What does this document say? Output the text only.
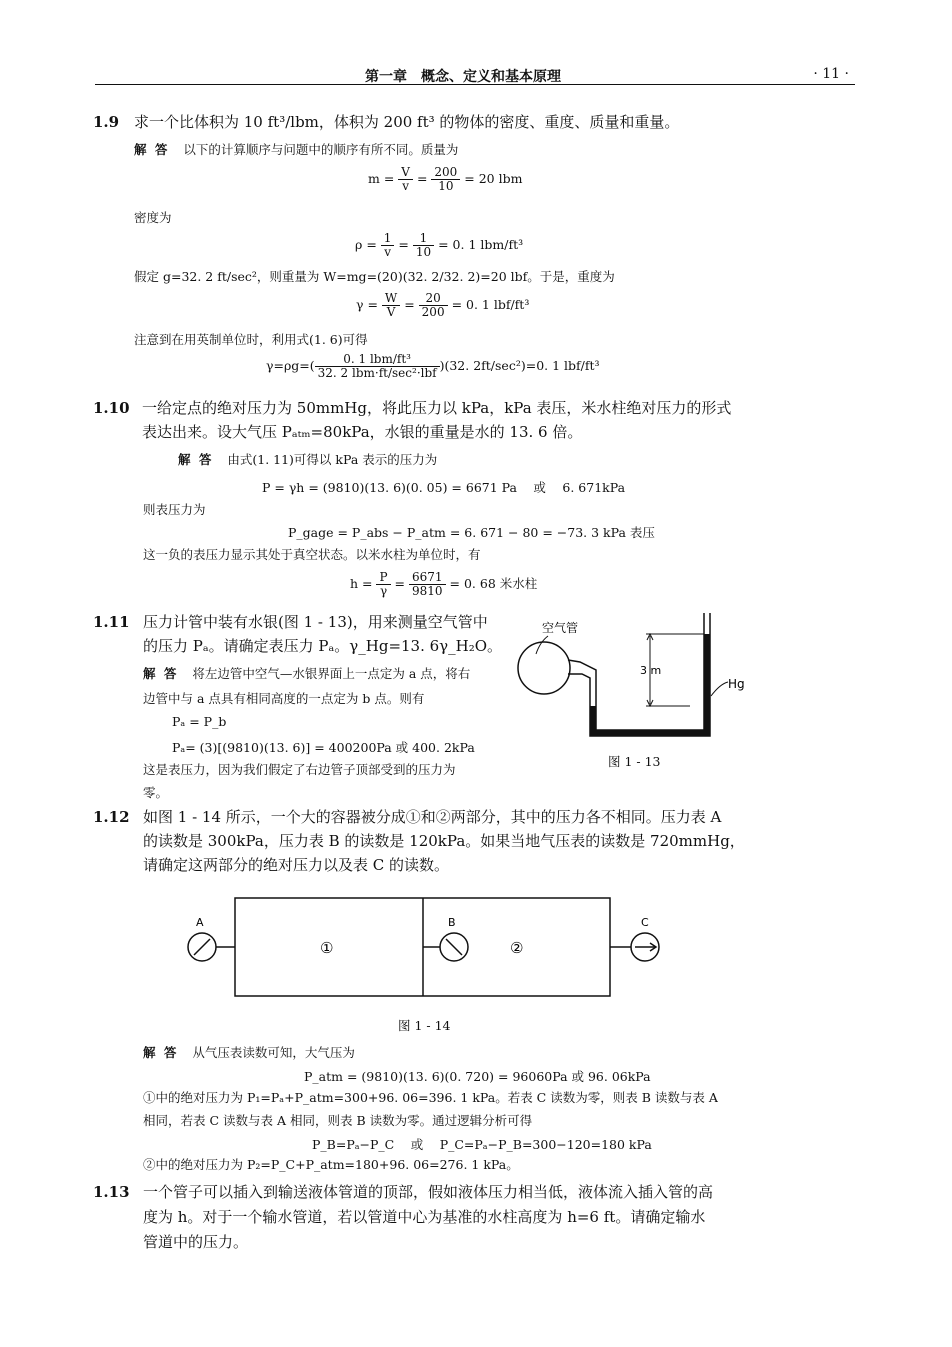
第一章　概念、定义和基本原理	· 11 ·
1.9 求一个比体积为 10 ft³/lbm，体积为 200 ft³ 的物体的密度、重度、质量和重量。
解 答 以下的计算顺序与问题中的顺序有所不同。质量为
$m = \frac{V}{v} = \frac{200}{10} = 20$ lbm
密度为
$\rho = \frac{1}{v} = \frac{1}{10} = 0$. 1 lbm/ft³
假定 g=32. 2 ft/sec²，则重量为 W=mg=(20)(32. 2/32. 2)=20 lbf。于是，重度为
$\gamma = \frac{W}{V} = \frac{20}{200} = 0$. 1 lbf/ft³
注意到在用英制单位时，利用式(1. 6)可得
$\gamma=\rho g=( \frac{\text{0. 1 lbm/ft³}}{\text{32. 2 lbm·ft/sec²·lbf}} )(32$. 2ft/sec²)=0. 1 lbf/ft³
1.10 一给定点的绝对压力为 50mmHg，将此压力以 kPa，kPa 表压，米水柱绝对压力的形式
表达出来。设大气压 Pₐₜₘ=80kPa，水银的重量是水的 13. 6 倍。
解 答 由式(1. 11)可得以 kPa 表示的压力为
P = γh = (9810)(13. 6)(0. 05) = 6671 Pa　 或　 6. 671kPa
则表压力为
P_gage = P_abs − P_atm = 6. 671 − 80 = −73. 3 kPa 表压
这一负的表压力显示其处于真空状态。以米水柱为单位时，有
$h = \frac{P}{\gamma} = \frac{6671}{9810} = 0$. 68 米水柱
1.11 压力计管中装有水银(图 1 - 13)，用来测量空气管中
的压力 Pₐ。请确定表压力 Pₐ。γ_Hg=13. 6γ_H₂O。
解 答 将左边管中空气—水银界面上一点定为 a 点，将右
边管中与 a 点具有相同高度的一点定为 b 点。则有
Pₐ = P_b
Pₐ= (3)[(9810)(13. 6)] = 400200Pa 或 400. 2kPa
这是表压力，因为我们假定了右边管子顶部受到的压力为
零。
空气管
3 m
Hg
图 1 - 13
1.12 如图 1 - 14 所示，一个大的容器被分成①和②两部分，其中的压力各不相同。压力表 A
的读数是 300kPa，压力表 B 的读数是 120kPa。如果当地气压表的读数是 720mmHg，
请确定这两部分的绝对压力以及表 C 的读数。
A
①
B
②
C
图 1 - 14
解 答 从气压表读数可知，大气压为
P_atm = (9810)(13. 6)(0. 720) = 96060Pa 或 96. 06kPa
①中的绝对压力为 P₁=Pₐ+P_atm=300+96. 06=396. 1 kPa。若表 C 读数为零，则表 B 读数与表 A
相同，若表 C 读数与表 A 相同，则表 B 读数为零。通过逻辑分析可得
P_B=Pₐ−P_C　 或　 P_C=Pₐ−P_B=300−120=180 kPa
②中的绝对压力为 P₂=P_C+P_atm=180+96. 06=276. 1 kPa。
1.13 一个管子可以插入到输送液体管道的顶部，假如液体压力相当低，液体流入插入管的高
度为 h。对于一个输水管道，若以管道中心为基准的水柱高度为 h=6 ft。请确定输水
管道中的压力。
